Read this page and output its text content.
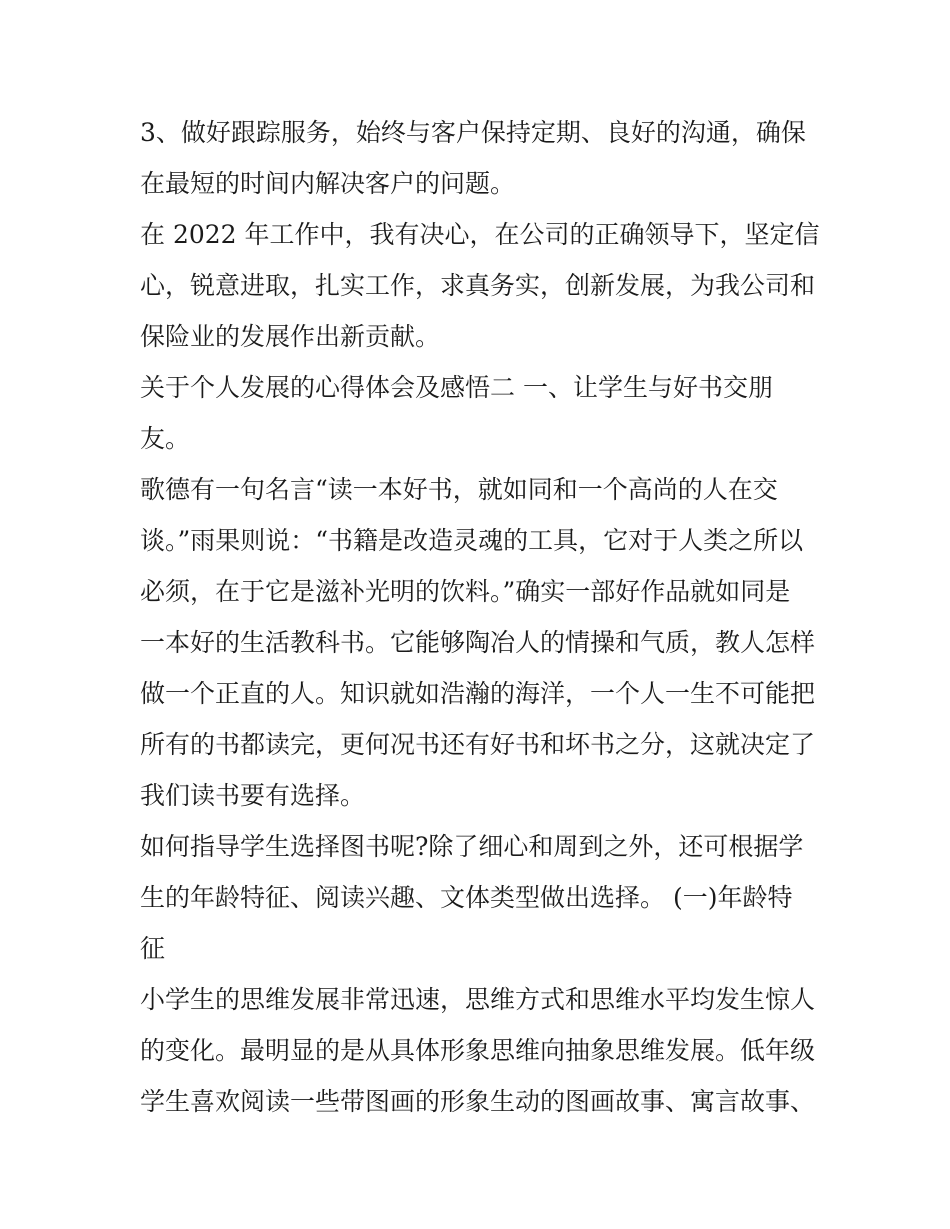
3、做好跟踪服务，始终与客户保持定期、良好的沟通，确保
在最短的时间内解决客户的问题。
在 2022 年工作中，我有决心，在公司的正确领导下，坚定信
心，锐意进取，扎实工作，求真务实，创新发展，为我公司和
保险业的发展作出新贡献。
关于个人发展的心得体会及感悟二 一、让学生与好书交朋
友。
歌德有一句名言“读一本好书，就如同和一个高尚的人在交
谈。”雨果则说：“书籍是改造灵魂的工具，它对于人类之所以
必须，在于它是滋补光明的饮料。”确实一部好作品就如同是
一本好的生活教科书。它能够陶冶人的情操和气质，教人怎样
做一个正直的人。知识就如浩瀚的海洋，一个人一生不可能把
所有的书都读完，更何况书还有好书和坏书之分，这就决定了
我们读书要有选择。
如何指导学生选择图书呢?除了细心和周到之外，还可根据学
生的年龄特征、阅读兴趣、文体类型做出选择。 (一)年龄特
征
小学生的思维发展非常迅速，思维方式和思维水平均发生惊人
的变化。最明显的是从具体形象思维向抽象思维发展。低年级
学生喜欢阅读一些带图画的形象生动的图画故事、寓言故事、
